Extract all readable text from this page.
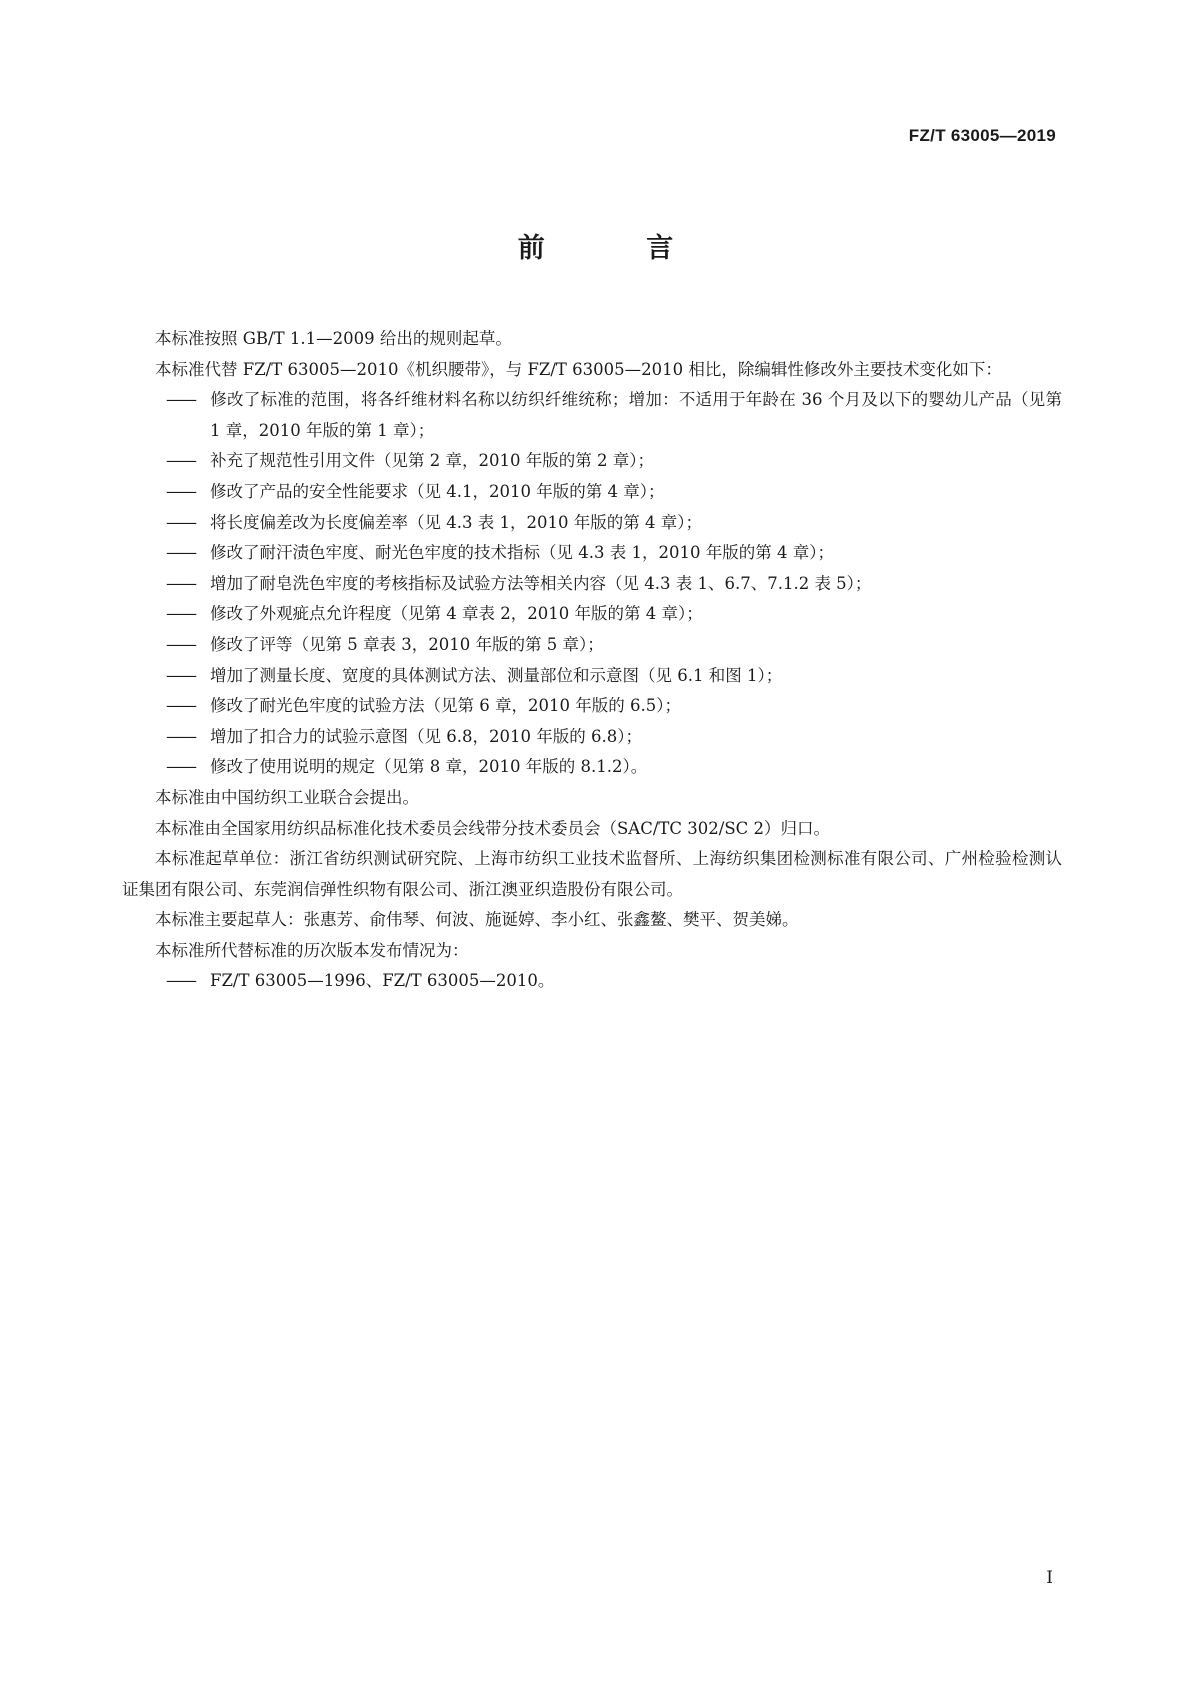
FZ/T 63005—2019
前 言

本标准按照 GB/T 1.1—2009 给出的规则起草。

本标准代替 FZ/T 63005—2010《机织腰带》，与 FZ/T 63005—2010 相比，除编辑性修改外主要技术变化如下：

—— 修改了标准的范围，将各纤维材料名称以纺织纤维统称；增加：不适用于年龄在 36 个月及以下的婴幼儿产品（见第 1 章，2010 年版的第 1 章）；

—— 补充了规范性引用文件（见第 2 章，2010 年版的第 2 章）；

—— 修改了产品的安全性能要求（见 4.1，2010 年版的第 4 章）；

—— 将长度偏差改为长度偏差率（见 4.3 表 1，2010 年版的第 4 章）；

—— 修改了耐汗渍色牢度、耐光色牢度的技术指标（见 4.3 表 1，2010 年版的第 4 章）；

—— 增加了耐皂洗色牢度的考核指标及试验方法等相关内容（见 4.3 表 1、6.7、7.1.2 表 5）；

—— 修改了外观疵点允许程度（见第 4 章表 2，2010 年版的第 4 章）；

—— 修改了评等（见第 5 章表 3，2010 年版的第 5 章）；

—— 增加了测量长度、宽度的具体测试方法、测量部位和示意图（见 6.1 和图 1）；

—— 修改了耐光色牢度的试验方法（见第 6 章，2010 年版的 6.5）；

—— 增加了扣合力的试验示意图（见 6.8，2010 年版的 6.8）；

—— 修改了使用说明的规定（见第 8 章，2010 年版的 8.1.2）。

本标准由中国纺织工业联合会提出。

本标准由全国家用纺织品标准化技术委员会线带分技术委员会（SAC/TC 302/SC 2）归口。

本标准起草单位：浙江省纺织测试研究院、上海市纺织工业技术监督所、上海纺织集团检测标准有限公司、广州检验检测认证集团有限公司、东莞润信弹性织物有限公司、浙江澳亚织造股份有限公司。

本标准主要起草人：张惠芳、俞伟琴、何波、施诞婷、李小红、张鑫鳌、樊平、贺美娣。

本标准所代替标准的历次版本发布情况为：

—— FZ/T 63005—1996、FZ/T 63005—2010。

I
